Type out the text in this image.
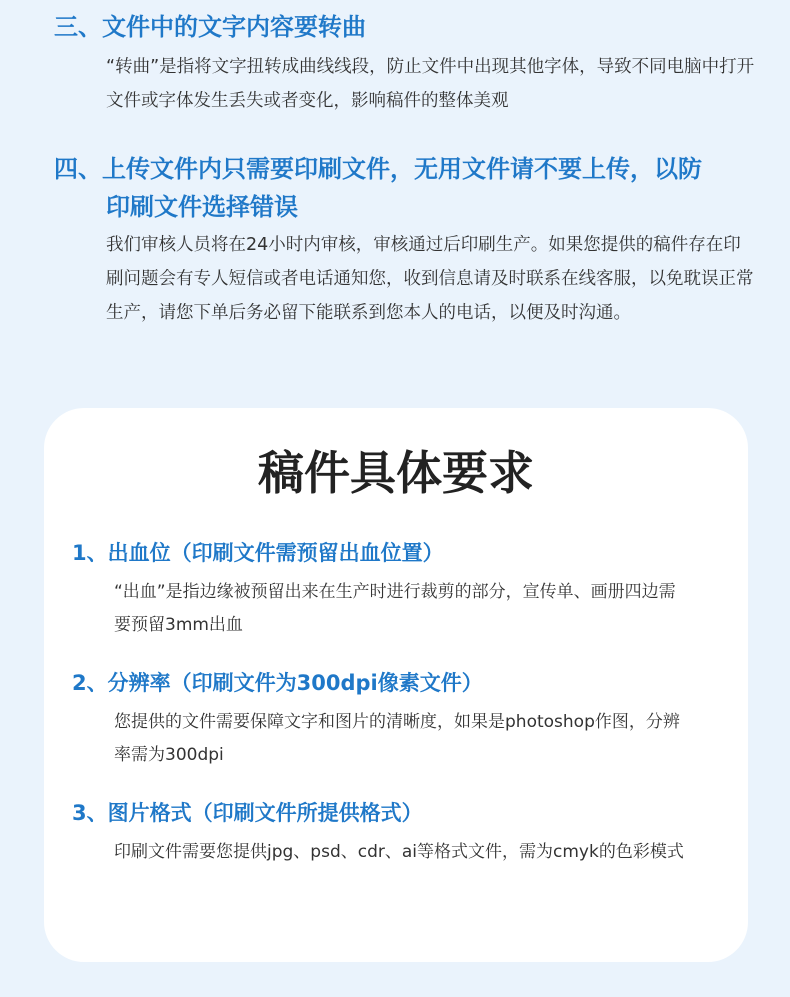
三、文件中的文字内容要转曲

“转曲”是指将文字扭转成曲线线段，防止文件中出现其他字体，导致不同电脑中打开文件或字体发生丢失或者变化，影响稿件的整体美观

四、上传文件内只需要印刷文件，无用文件请不要上传，以防
印刷文件选择错误

我们审核人员将在24小时内审核，审核通过后印刷生产。如果您提供的稿件存在印刷问题会有专人短信或者电话通知您，收到信息请及时联系在线客服，以免耽误正常生产，请您下单后务必留下能联系到您本人的电话，以便及时沟通。

稿件具体要求
1、出血位（印刷文件需预留出血位置）

“出血”是指边缘被预留出来在生产时进行裁剪的部分，宣传单、画册四边需要预留3mm出血

2、分辨率（印刷文件为300dpi像素文件）

您提供的文件需要保障文字和图片的清晰度，如果是photoshop作图，分辨率需为300dpi

3、图片格式（印刷文件所提供格式）

印刷文件需要您提供jpg、psd、cdr、ai等格式文件，需为cmyk的色彩模式
